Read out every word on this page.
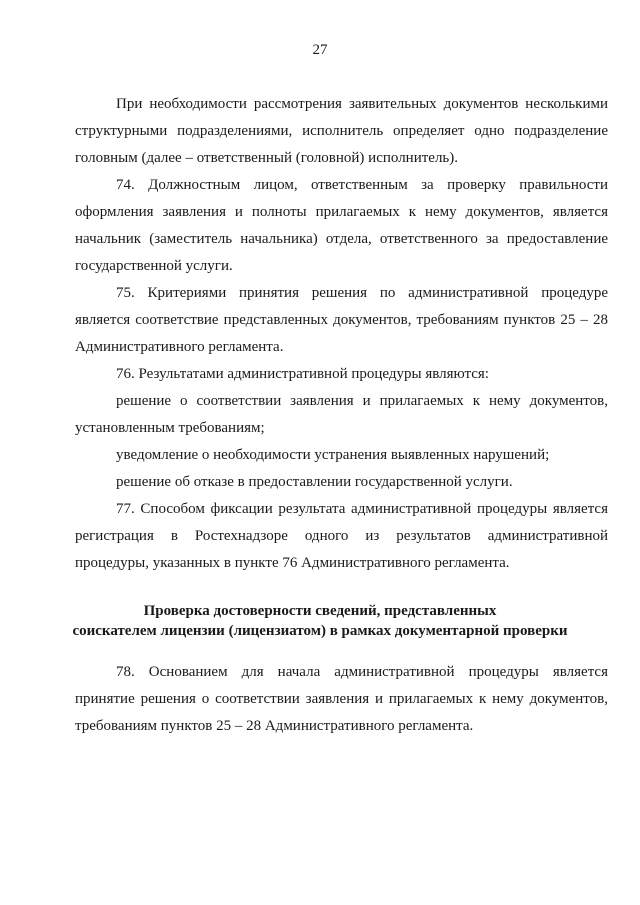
27
При необходимости рассмотрения заявительных документов несколькими
структурными подразделениями, исполнитель определяет одно подразделение
головным (далее – ответственный (головной) исполнитель).
74. Должностным лицом, ответственным за проверку правильности
оформления заявления и полноты прилагаемых к нему документов, является
начальник (заместитель начальника) отдела, ответственного за предоставление
государственной услуги.
75. Критериями принятия решения по административной процедуре
является соответствие представленных документов, требованиям пунктов 25 – 28
Административного регламента.
76. Результатами административной процедуры являются:
решение о соответствии заявления и прилагаемых к нему документов,
установленным требованиям;
уведомление о необходимости устранения выявленных нарушений;
решение об отказе в предоставлении государственной услуги.
77. Способом фиксации результата административной процедуры является
регистрация в Ростехнадзоре одного из результатов административной
процедуры, указанных в пункте 76 Административного регламента.
Проверка достоверности сведений, представленных
соискателем лицензии (лицензиатом) в рамках документарной проверки
78. Основанием для начала административной процедуры является
принятие решения о соответствии заявления и прилагаемых к нему документов,
требованиям пунктов 25 – 28 Административного регламента.
